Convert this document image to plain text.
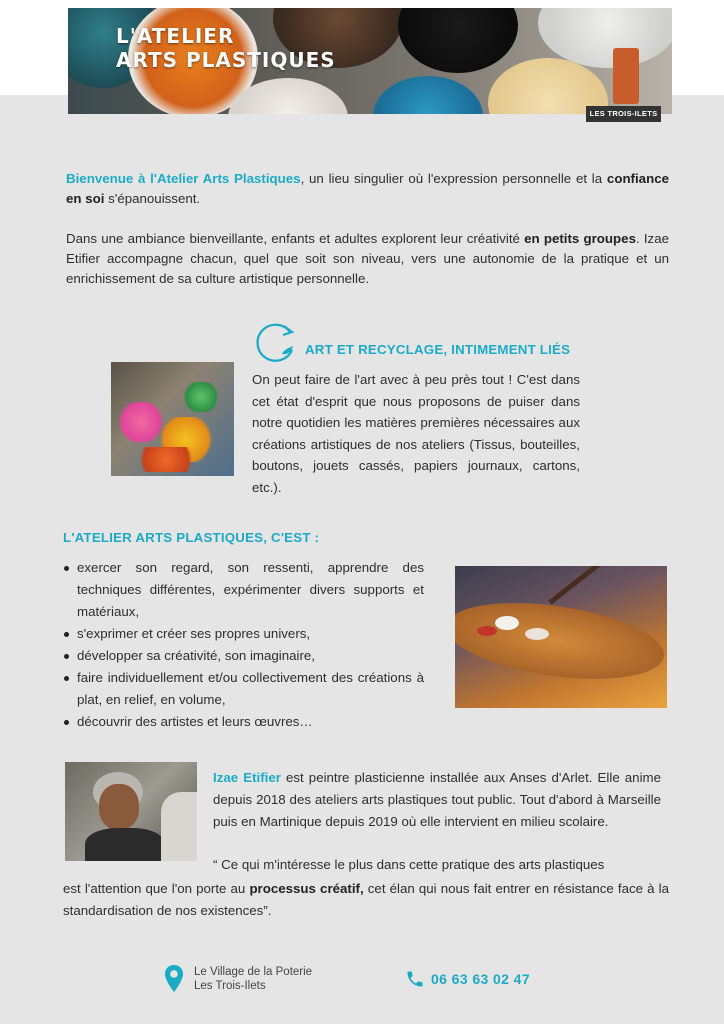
L'ATELIER
ARTS PLASTIQUES
LES TROIS-ILETS

Bienvenue à l'Atelier Arts Plastiques, un lieu singulier où l'expression personnelle et la confiance en soi s'épanouissent.

Dans une ambiance bienveillante, enfants et adultes explorent leur créativité en petits groupes. Izae Etifier accompagne chacun, quel que soit son niveau, vers une autonomie de la pratique et un enrichissement de sa culture artistique personnelle.

ART ET RECYCLAGE, INTIMEMENT LIÉS

On peut faire de l'art avec à peu près tout ! C'est dans cet état d'esprit que nous proposons de puiser dans notre quotidien les matières premières nécessaires aux créations artistiques de nos ateliers (Tissus, bouteilles, boutons, jouets cassés, papiers journaux, cartons, etc.).

L'ATELIER ARTS PLASTIQUES, C'EST :
exercer son regard, son ressenti, apprendre des techniques différentes, expérimenter divers supports et matériaux,
s'exprimer et créer ses propres univers,
développer sa créativité, son imaginaire,
faire individuellement et/ou collectivement des créations à plat, en relief, en volume,
découvrir des artistes et leurs œuvres…

Izae Etifier est peintre plasticienne installée aux Anses d'Arlet. Elle anime depuis 2018 des ateliers arts plastiques tout public. Tout d'abord à Marseille puis en Martinique depuis 2019 où elle intervient en milieu scolaire.

“ Ce qui m'intéresse le plus dans cette pratique des arts plastiques

est l'attention que l'on porte au processus créatif, cet élan qui nous fait entrer en résistance face à la standardisation de nos existences”.

Le Village de la Poterie
Les Trois-Ilets	06 63 63 02 47
